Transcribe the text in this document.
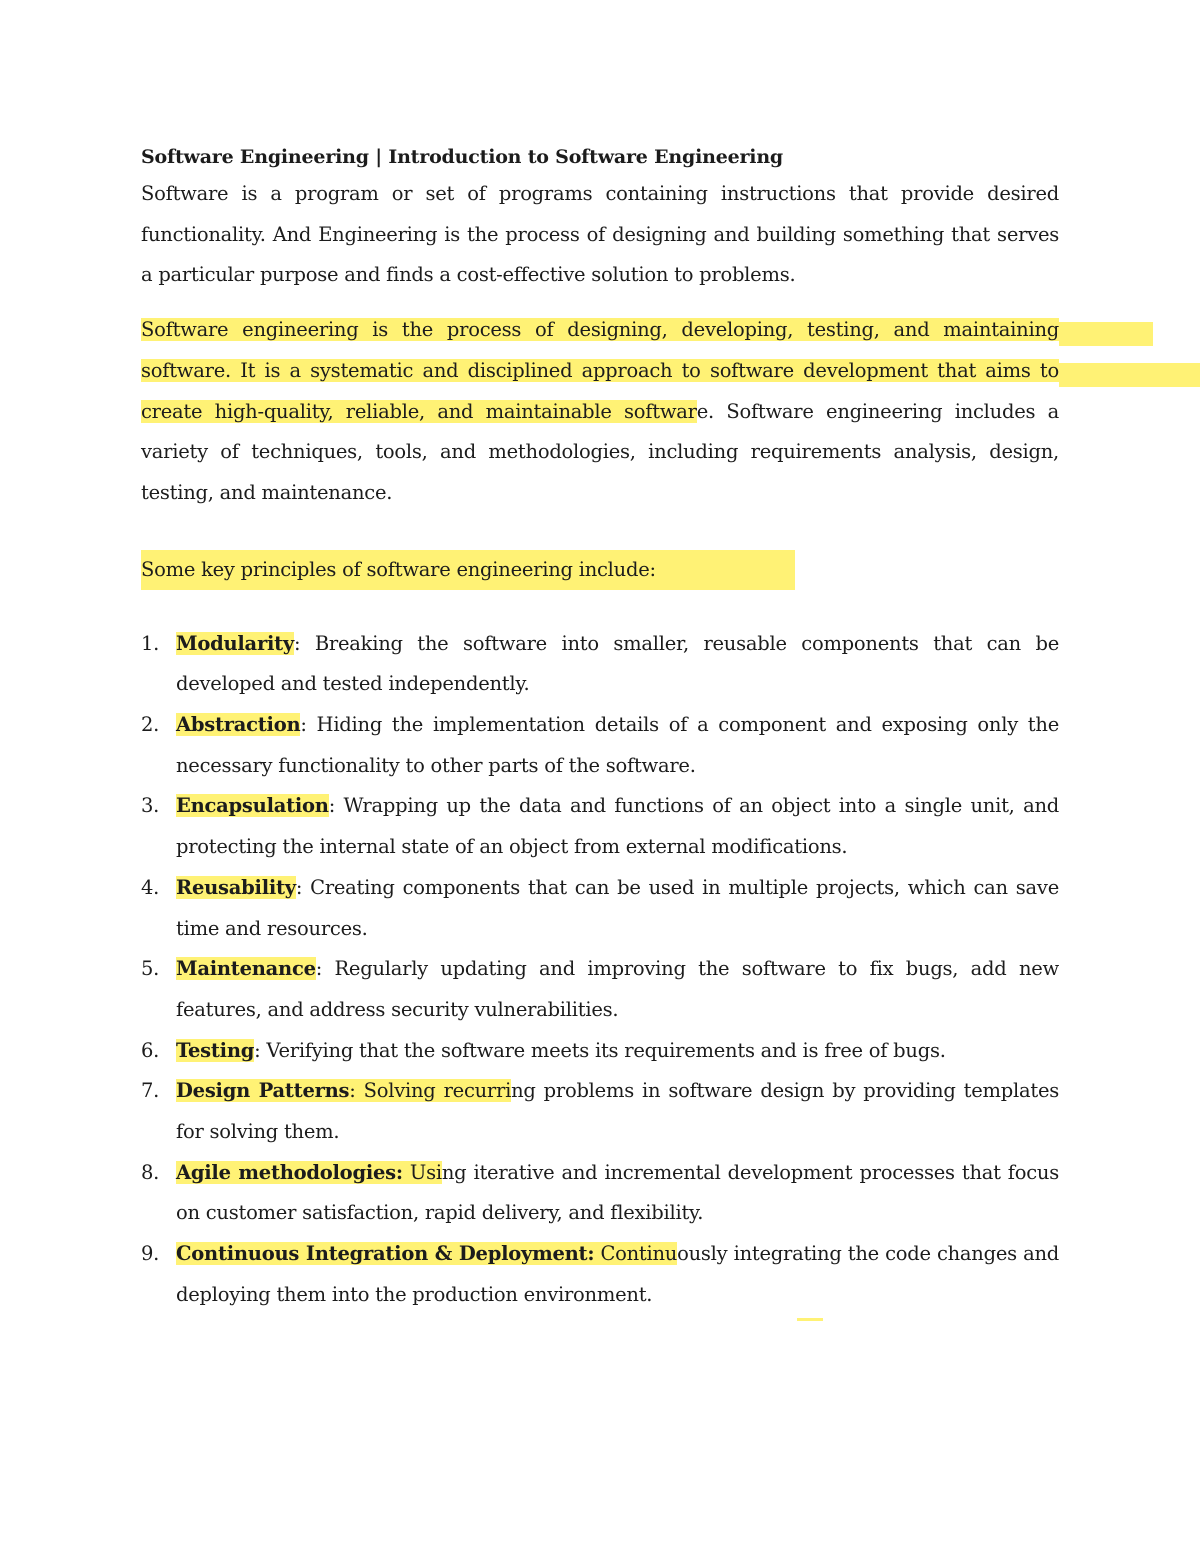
Software Engineering | Introduction to Software Engineering

Software is a program or set of programs containing instructions that provide desired functionality. And Engineering is the process of designing and building something that serves a particular purpose and finds a cost-effective solution to problems.

Software engineering is the process of designing, developing, testing, and maintaining software. It is a systematic and disciplined approach to software development that aims to create high-quality, reliable, and maintainable software. Software engineering includes a variety of techniques, tools, and methodologies, including requirements analysis, design, testing, and maintenance.

Some key principles of software engineering include:

1. Modularity: Breaking the software into smaller, reusable components that can be developed and tested independently.
2. Abstraction: Hiding the implementation details of a component and exposing only the necessary functionality to other parts of the software.
3. Encapsulation: Wrapping up the data and functions of an object into a single unit, and protecting the internal state of an object from external modifications.
4. Reusability: Creating components that can be used in multiple projects, which can save time and resources.
5. Maintenance: Regularly updating and improving the software to fix bugs, add new features, and address security vulnerabilities.
6. Testing: Verifying that the software meets its requirements and is free of bugs.
7. Design Patterns: Solving recurring problems in software design by providing templates for solving them.
8. Agile methodologies: Using iterative and incremental development processes that focus on customer satisfaction, rapid delivery, and flexibility.
9. Continuous Integration & Deployment: Continuously integrating the code changes and deploying them into the production environment.
